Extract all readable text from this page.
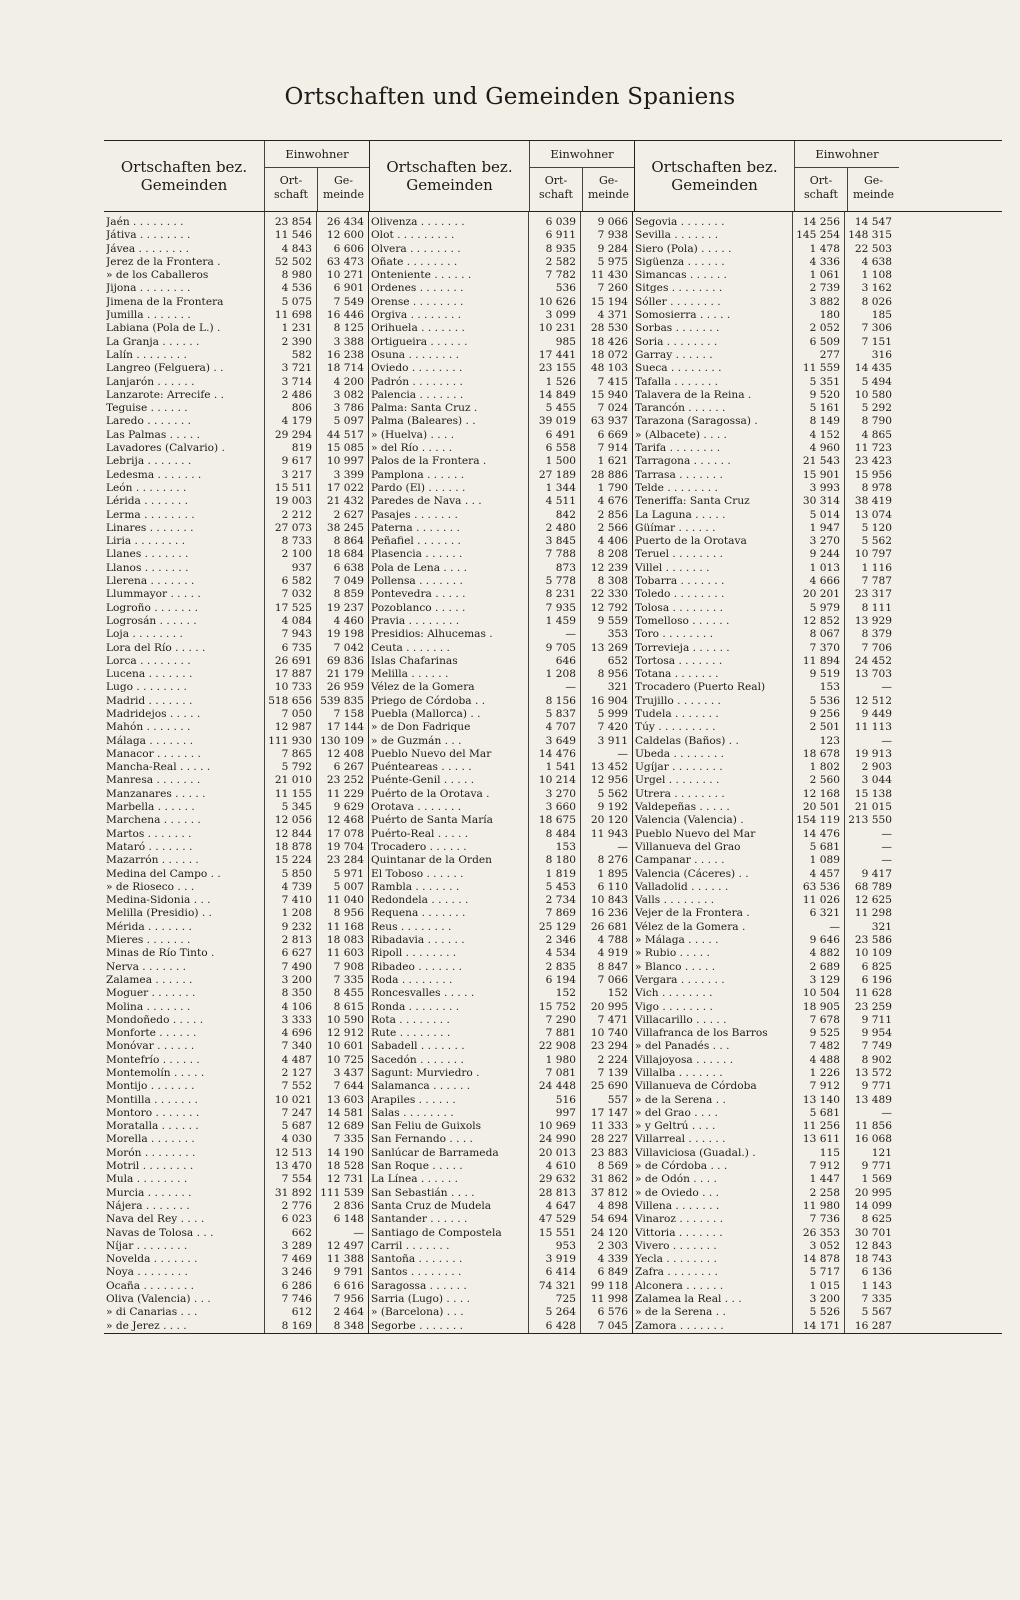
Ortschaften und Gemeinden Spaniens
Ortschaften bez. Gemeinden
Einwohner
Ort-schaft
Ge-meinde
Ortschaften bez. Gemeinden
Einwohner
Ort-schaft
Ge-meinde
Ortschaften bez. Gemeinden
Einwohner
Ort-schaft
Ge-meinde
Jaén . . . . . . . .
Játiva . . . . . . . .
Jávea . . . . . . . .
Jerez de la Frontera .
» de los Caballeros
Jijona . . . . . . . .
Jimena de la Frontera
Jumilla . . . . . . .
Labiana (Pola de L.) .
La Granja . . . . . .
Lalín . . . . . . . .
Langreo (Felguera) . .
Lanjarón . . . . . .
Lanzarote: Arrecife . .
Teguise . . . . . .
Laredo . . . . . . .
Las Palmas . . . . .
Lavadores (Calvario) .
Lebrija . . . . . . .
Ledesma . . . . . . .
León . . . . . . . .
Lérida . . . . . . .
Lerma . . . . . . . .
Linares . . . . . . .
Liria . . . . . . . .
Llanes . . . . . . .
Llanos . . . . . . .
Llerena . . . . . . .
Llummayor . . . . .
Logroño . . . . . . .
Logrosán . . . . . .
Loja . . . . . . . .
Lora del Río . . . . .
Lorca . . . . . . . .
Lucena . . . . . . .
Lugo . . . . . . . .
Madrid . . . . . . .
Madridejos . . . . .
Mahón . . . . . . .
Málaga . . . . . . .
Manacor . . . . . . .
Mancha-Real . . . . .
Manresa . . . . . . .
Manzanares . . . . .
Marbella . . . . . .
Marchena . . . . . .
Martos . . . . . . .
Mataró . . . . . . .
Mazarrón . . . . . .
Medina del Campo . .
» de Rioseco . . .
Medina-Sidonia . . .
Melilla (Presidio) . .
Mérida . . . . . . .
Mieres . . . . . . .
Minas de Río Tinto .
Nerva . . . . . . .
Zalamea . . . . . .
Moguer . . . . . . .
Molina . . . . . . .
Mondoñedo . . . . .
Monforte . . . . . .
Monóvar . . . . . .
Montefrío . . . . . .
Montemolín . . . . .
Montijo . . . . . . .
Montilla . . . . . . .
Montoro . . . . . . .
Moratalla . . . . . .
Morella . . . . . . .
Morón . . . . . . . .
Motril . . . . . . . .
Mula . . . . . . . .
Murcia . . . . . . .
Nájera . . . . . . .
Nava del Rey . . . .
Navas de Tolosa . . .
Níjar . . . . . . . .
Novelda . . . . . . .
Noya . . . . . . . .
Ocaña . . . . . . . .
Oliva (Valencia) . . .
» di Canarias . . .
» de Jerez . . . .
23 854
11 546
4 843
52 502
8 980
4 536
5 075
11 698
1 231
2 390
582
3 721
3 714
2 486
806
4 179
29 294
819
9 617
3 217
15 511
19 003
2 212
27 073
8 733
2 100
937
6 582
7 032
17 525
4 084
7 943
6 735
26 691
17 887
10 733
518 656
7 050
12 987
111 930
7 865
5 792
21 010
11 155
5 345
12 056
12 844
18 878
15 224
5 850
4 739
7 410
1 208
9 232
2 813
6 627
7 490
3 200
8 350
4 106
3 333
4 696
7 340
4 487
2 127
7 552
10 021
7 247
5 687
4 030
12 513
13 470
7 554
31 892
2 776
6 023
662
3 289
7 469
3 246
6 286
7 746
612
8 169
26 434
12 600
6 606
63 473
10 271
6 901
7 549
16 446
8 125
3 388
16 238
18 714
4 200
3 082
3 786
5 097
44 517
15 085
10 997
3 399
17 022
21 432
2 627
38 245
8 864
18 684
6 638
7 049
8 859
19 237
4 460
19 198
7 042
69 836
21 179
26 959
539 835
7 158
17 144
130 109
12 408
6 267
23 252
11 229
9 629
12 468
17 078
19 704
23 284
5 971
5 007
11 040
8 956
11 168
18 083
11 603
7 908
7 335
8 455
8 615
10 590
12 912
10 601
10 725
3 437
7 644
13 603
14 581
12 689
7 335
14 190
18 528
12 731
111 539
2 836
6 148
—
12 497
11 388
9 791
6 616
7 956
2 464
8 348
Olivenza . . . . . . .
Olot . . . . . . . . .
Olvera . . . . . . . .
Oñate . . . . . . . .
Onteniente . . . . . .
Ordenes . . . . . . .
Orense . . . . . . . .
Orgiva . . . . . . . .
Orihuela . . . . . . .
Ortigueira . . . . . .
Osuna . . . . . . . .
Oviedo . . . . . . . .
Padrón . . . . . . . .
Palencia . . . . . . .
Palma: Santa Cruz .
Palma (Baleares) . .
» (Huelva) . . . .
» del Río . . . . .
Palos de la Frontera .
Pamplona . . . . . .
Pardo (El) . . . . . .
Paredes de Nava . . .
Pasajes . . . . . . .
Paterna . . . . . . .
Peñafiel . . . . . . .
Plasencia . . . . . .
Pola de Lena . . . .
Pollensa . . . . . . .
Pontevedra . . . . .
Pozoblanco . . . . .
Pravia . . . . . . . .
Presidios: Alhucemas .
Ceuta . . . . . . .
Islas Chafarinas
Melilla . . . . . .
Vélez de la Gomera
Priego de Córdoba . .
Puebla (Mallorca) . .
» de Don Fadrique
» de Guzmán . . .
Pueblo Nuevo del Mar
Puénteareas . . . . .
Puénte-Genil . . . . .
Puérto de la Orotava .
Orotava . . . . . . .
Puérto de Santa María
Puérto-Real . . . . .
Trocadero . . . . . .
Quintanar de la Orden
El Toboso . . . . . .
Rambla . . . . . . .
Redondela . . . . . .
Requena . . . . . . .
Reus . . . . . . . .
Ribadavia . . . . . .
Ripoll . . . . . . . .
Ribadeo . . . . . . .
Roda . . . . . . . .
Roncesvalles . . . . .
Ronda . . . . . . . .
Rota . . . . . . . .
Rute . . . . . . . .
Sabadell . . . . . . .
Sacedón . . . . . . .
Sagunt: Murviedro .
Salamanca . . . . . .
Arapiles . . . . . .
Salas . . . . . . . .
San Feliu de Guixols
San Fernando . . . .
Sanlúcar de Barrameda
San Roque . . . . .
La Línea . . . . . .
San Sebastián . . . .
Santa Cruz de Mudela
Santander . . . . . .
Santiago de Compostela
Carril . . . . . . .
Santoña . . . . . . .
Santos . . . . . . . .
Saragossa . . . . . .
Sarria (Lugo) . . . .
» (Barcelona) . . .
Segorbe . . . . . . .
6 039
6 911
8 935
2 582
7 782
536
10 626
3 099
10 231
985
17 441
23 155
1 526
14 849
5 455
39 019
6 491
6 558
1 500
27 189
1 344
4 511
842
2 480
3 845
7 788
873
5 778
8 231
7 935
1 459
—
9 705
646
1 208
—
8 156
5 837
4 707
3 649
14 476
1 541
10 214
3 270
3 660
18 675
8 484
153
8 180
1 819
5 453
2 734
7 869
25 129
2 346
4 534
2 835
6 194
152
15 752
7 290
7 881
22 908
1 980
7 081
24 448
516
997
10 969
24 990
20 013
4 610
29 632
28 813
4 647
47 529
15 551
953
3 919
6 414
74 321
725
5 264
6 428
9 066
7 938
9 284
5 975
11 430
7 260
15 194
4 371
28 530
18 426
18 072
48 103
7 415
15 940
7 024
63 937
6 669
7 914
1 621
28 886
1 790
4 676
2 856
2 566
4 406
8 208
12 239
8 308
22 330
12 792
9 559
353
13 269
652
8 956
321
16 904
5 999
7 420
3 911
—
13 452
12 956
5 562
9 192
20 120
11 943
—
8 276
1 895
6 110
10 843
16 236
26 681
4 788
4 919
8 847
7 066
152
20 995
7 471
10 740
23 294
2 224
7 139
25 690
557
17 147
11 333
28 227
23 883
8 569
31 862
37 812
4 898
54 694
24 120
2 303
4 339
6 849
99 118
11 998
6 576
7 045
Segovia . . . . . . .
Sevilla . . . . . . .
Siero (Pola) . . . . .
Sigüenza . . . . . .
Simancas . . . . . .
Sitges . . . . . . . .
Sóller . . . . . . . .
Somosierra . . . . .
Sorbas . . . . . . .
Soria . . . . . . . .
Garray . . . . . .
Sueca . . . . . . . .
Tafalla . . . . . . .
Talavera de la Reina .
Tarancón . . . . . .
Tarazona (Saragossa) .
» (Albacete) . . . .
Tarifa . . . . . . . .
Tarragona . . . . . .
Tarrasa . . . . . . .
Telde . . . . . . . .
Teneriffa: Santa Cruz
La Laguna . . . . .
Güímar . . . . . .
Puerto de la Orotava
Teruel . . . . . . . .
Villel . . . . . . .
Tobarra . . . . . . .
Toledo . . . . . . . .
Tolosa . . . . . . . .
Tomelloso . . . . . .
Toro . . . . . . . .
Torrevieja . . . . . .
Tortosa . . . . . . .
Totana . . . . . . .
Trocadero (Puerto Real)
Trujillo . . . . . . .
Tudela . . . . . . .
Túy . . . . . . . . .
Caldelas (Baños) . .
Ubeda . . . . . . . .
Ugíjar . . . . . . . .
Urgel . . . . . . . .
Utrera . . . . . . . .
Valdepeñas . . . . .
Valencia (Valencia) .
Pueblo Nuevo del Mar
Villanueva del Grao
Campanar . . . . .
Valencia (Cáceres) . .
Valladolid . . . . . .
Valls . . . . . . . .
Vejer de la Frontera .
Vélez de la Gomera .
» Málaga . . . . .
» Rubio . . . . .
» Blanco . . . . .
Vergara . . . . . . .
Vich . . . . . . . .
Vigo . . . . . . . .
Villacarillo . . . . .
Villafranca de los Barros
» del Panadés . . .
Villajoyosa . . . . . .
Villalba . . . . . . .
Villanueva de Córdoba
» de la Serena . .
» del Grao . . . .
» y Geltrú . . . .
Villarreal . . . . . .
Villaviciosa (Guadal.) .
» de Córdoba . . .
» de Odón . . . .
» de Oviedo . . .
Villena . . . . . . .
Vinaroz . . . . . . .
Vittoria . . . . . . .
Vivero . . . . . . .
Yecla . . . . . . . .
Zafra . . . . . . . .
Alconera . . . . . .
Zalamea la Real . . .
» de la Serena . .
Zamora . . . . . . .
14 256
145 254
1 478
4 336
1 061
2 739
3 882
180
2 052
6 509
277
11 559
5 351
9 520
5 161
8 149
4 152
4 960
21 543
15 901
3 993
30 314
5 014
1 947
3 270
9 244
1 013
4 666
20 201
5 979
12 852
8 067
7 370
11 894
9 519
153
5 536
9 256
2 501
123
18 678
1 802
2 560
12 168
20 501
154 119
14 476
5 681
1 089
4 457
63 536
11 026
6 321
—
9 646
4 882
2 689
3 129
10 504
18 905
7 678
9 525
7 482
4 488
1 226
7 912
13 140
5 681
11 256
13 611
115
7 912
1 447
2 258
11 980
7 736
26 353
3 052
14 878
5 717
1 015
3 200
5 526
14 171
14 547
148 315
22 503
4 638
1 108
3 162
8 026
185
7 306
7 151
316
14 435
5 494
10 580
5 292
8 790
4 865
11 723
23 423
15 956
8 978
38 419
13 074
5 120
5 562
10 797
1 116
7 787
23 317
8 111
13 929
8 379
7 706
24 452
13 703
—
12 512
9 449
11 113
—
19 913
2 903
3 044
15 138
21 015
213 550
—
—
—
9 417
68 789
12 625
11 298
321
23 586
10 109
6 825
6 196
11 628
23 259
9 711
9 954
7 749
8 902
13 572
9 771
13 489
—
11 856
16 068
121
9 771
1 569
20 995
14 099
8 625
30 701
12 843
18 743
6 136
1 143
7 335
5 567
16 287
